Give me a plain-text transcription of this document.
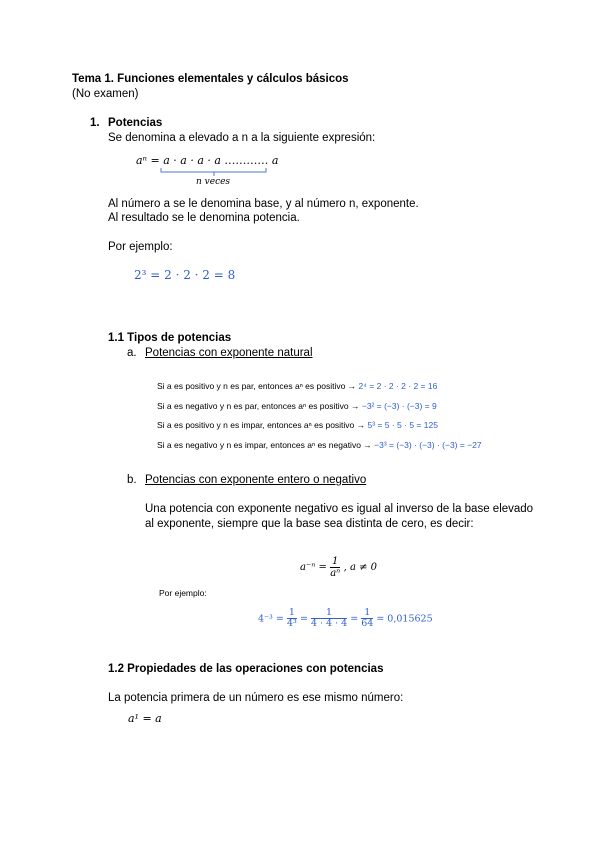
Tema 1. Funciones elementales y cálculos básicos
(No examen)
1. Potencias
Se denomina a elevado a n a la siguiente expresión:
aⁿ = a · a · a · a ………… a
n veces
Al número a se le denomina base, y al número n, exponente.
Al resultado se le denomina potencia.
Por ejemplo:
2³ = 2 · 2 · 2 = 8
1.1 Tipos de potencias
a. Potencias con exponente natural
Si a es positivo y n es par, entonces aⁿ es positivo → 2⁴ = 2 · 2 · 2 · 2 = 16
Si a es negativo y n es par, entonces aⁿ es positivo → −3² = (−3) · (−3) = 9
Si a es positivo y n es impar, entonces aⁿ es positivo → 5³ = 5 · 5 · 5 = 125
Si a es negativo y n es impar, entonces aⁿ es negativo → −3³ = (−3) · (−3) · (−3) = −27
b. Potencias con exponente entero o negativo
Una potencia con exponente negativo es igual al inverso de la base elevado
al exponente, siempre que la base sea distinta de cero, es decir:
$a^{-n} = \frac{1}{\text{aⁿ}}$ , a ≠ 0
Por ejemplo:
$4^{-3} = \frac{1}{\text{4³}} = \frac{1}{4 \cdot 4 \cdot 4} = \frac{1}{64} = 0,015625$
1.2 Propiedades de las operaciones con potencias
La potencia primera de un número es ese mismo número:
a¹ = a
